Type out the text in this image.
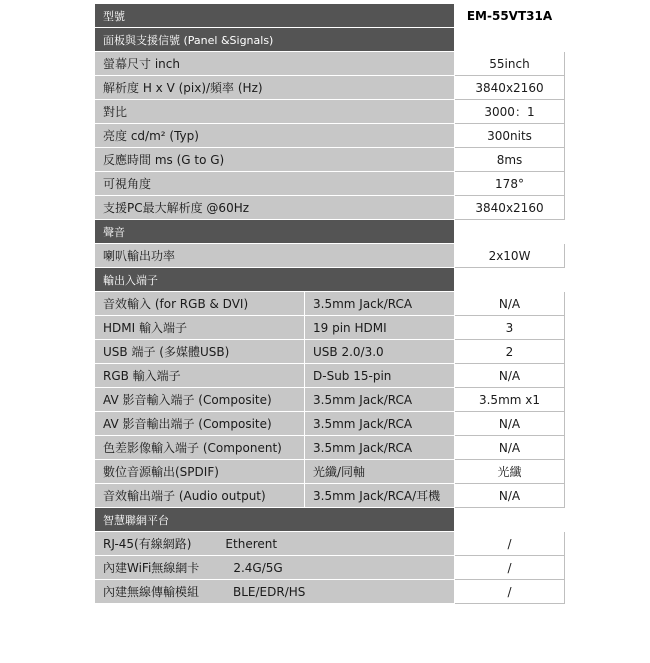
型號		EM-55VT31A
面板與支援信號 (Panel &Signals)		
螢幕尺寸 inch		55inch
解析度 H x V (pix)/頻率 (Hz)		3840x2160
對比		3000：1
亮度 cd/m² (Typ)		300nits
反應時間 ms (G to G)		8ms
可視角度		178°
支援PC最大解析度 @60Hz		3840x2160
聲音		
喇叭輸出功率		2x10W
輸出入端子		
音效輸入 (for RGB & DVI)	3.5mm Jack/RCA	N/A
HDMI 輸入端子	19 pin HDMI	3
USB 端子 (多媒體USB)	USB 2.0/3.0	2
RGB 輸入端子	D-Sub 15-pin	N/A
AV 影音輸入端子 (Composite)	3.5mm Jack/RCA	3.5mm x1
AV 影音輸出端子 (Composite)	3.5mm Jack/RCA	N/A
色差影像輸入端子 (Component)	3.5mm Jack/RCA	N/A
數位音源輸出(SPDIF)	光纖/同軸	光纖
音效輸出端子 (Audio output)	3.5mm Jack/RCA/耳機	N/A
智慧聯網平台		
RJ-45(有線網路) Etherent		/
內建WiFi無線網卡 2.4G/5G		/
內建無線傳輸模組 BLE/EDR/HS		/
